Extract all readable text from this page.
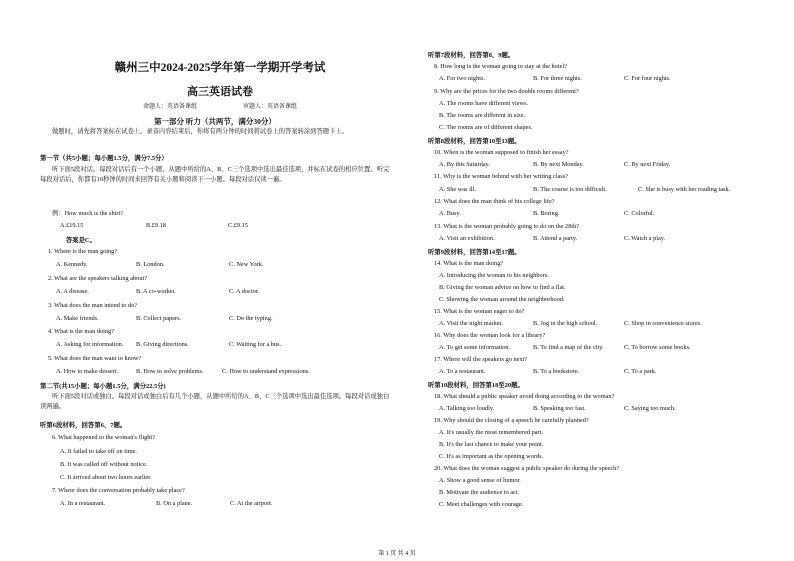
赣州三中2024-2025学年第一学期开学考试
高三英语试卷
命题人：英语备课组	审题人：英语备课组
第一部分 听力（共两节，满分30分）
做题时，请先将答案标在试卷上。录音内容结束后，你将有两分钟的时间将试卷上的答案转涂到答题卡上。
第一节（共5小题；每小题1.5分，满分7.5分）
听下面5段对话。每段对话后有一个小题，从题中所给的A、B、C三个选项中选出最佳选项，并标在试卷的相应位置。听完每段对话后，你都有10秒钟的时间来回答有关小题和阅读下一小题。每段对话仅读一遍。
例：How much is the shirt?
A.£19.15	B.£9.18	C.£9.15
答案是C。
1. Where is the man going?
A. Kennedy.	B. London.	C. New York.
2. What are the speakers talking about?
A. A disease.	B. A co-worker.	C. A doctor.
3. What does the man intend to do?
A. Make friends.	B. Collect papers.	C. Do the typing.
4. What is the man doing?
A. Asking for information. B. Giving directions.	C. Waiting for a bus.
5. What does the man want to know?
A. How to make dessert.	B. How to solve problems.	C. How to understand expressions.
第二节(共15小题；每小题1.5分，满分22.5分)
听下面5段对话或独白。每段对话或独白后有几个小题，从题中所给的A、B、C三个选项中选出最佳选项。每段对话或独白读两遍。
听第6段材料，回答第6、7题。
6. What happened to the woman's flight?
A. It failed to take off on time.
B. It was called off without notice.
C. It arrived about two hours earlier.
7. Where does the conversation probably take place?
A. In a restaurant.	B. On a plane.	C. At the airport.
听第7段材料，回答第8、9题。
8. How long is the woman going to stay at the hotel?
A. For two nights.	B. For three nights.	C. For four nights.
9. Why are the prices for the two double rooms different?
A. The rooms have different views.
B. The rooms are different in size.
C. The rooms are of different shapes.
听第8段材料，回答第10至13题。
10. When is the woman supposed to finish her essay?
A. By this Saturday.	B. By next Monday.	C. By next Friday.
11. Why is the woman behind with her writing class?
A. She was ill.	B. The course is too difficult.	C. She is busy with her reading task.
12. What does the man think of his college life?
A. Busy.	B. Boring.	C. Colorful.
13. What is the woman probably going to do on the 28th?
A. Visit an exhibition.	B. Attend a party.	C. Watch a play.
听第9段材料，回答第14至17题。
14. What is the man doing?
A. Introducing the woman to his neighbors.
B. Giving the woman advice on how to find a flat.
C. Showing the woman around the neighborhood.
15. What is the woman eager to do?
A. Visit the night market.	B. Jog in the high school.	C. Shop in convenience stores.
16. Why does the woman look for a library?
A. To get some information.	B. To find a map of the city.	C. To borrow some books.
17. Where will the speakers go next?
A. To a restaurant.	B. To a bookstore.	C. To a park.
听第10段材料，回答第18至20题。
18. What should a public speaker avoid doing according to the woman?
A. Talking too loudly.	B. Speaking too fast.	C. Saying too much.
19. Why should the closing of a speech be carefully planned?
A. It's usually the most remembered part.
B. It's the last chance to make your point.
C. It's as important as the opening words.
20. What does the woman suggest a public speaker do during the speech?
A. Show a good sense of humor.
B. Motivate the audience to act.
C. Meet challenges with courage.
第 1 页 共 4 页
